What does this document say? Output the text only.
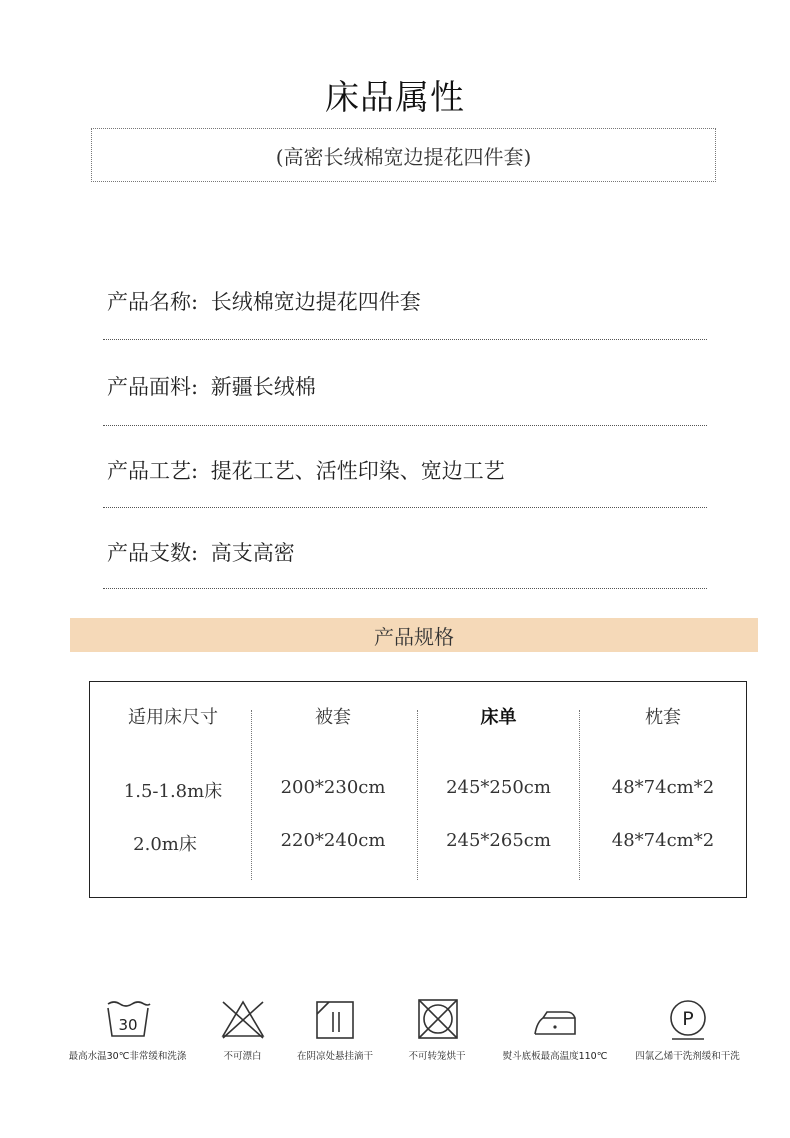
床品属性
(高密长绒棉宽边提花四件套)
产品名称: 长绒棉宽边提花四件套
产品面料: 新疆长绒棉
产品工艺: 提花工艺、活性印染、宽边工艺
产品支数: 高支高密
产品规格
适用床尺寸	被套	床单	枕套
1.5-1.8m床	200*230cm	245*250cm	48*74cm*2
2.0m床	220*240cm	245*265cm	48*74cm*2
30
最高水温30℃非常缓和洗涤	不可漂白	在阴凉处悬挂滴干	不可转笼烘干	熨斗底板最高温度110℃
P
四氯乙烯干洗剂缓和干洗
